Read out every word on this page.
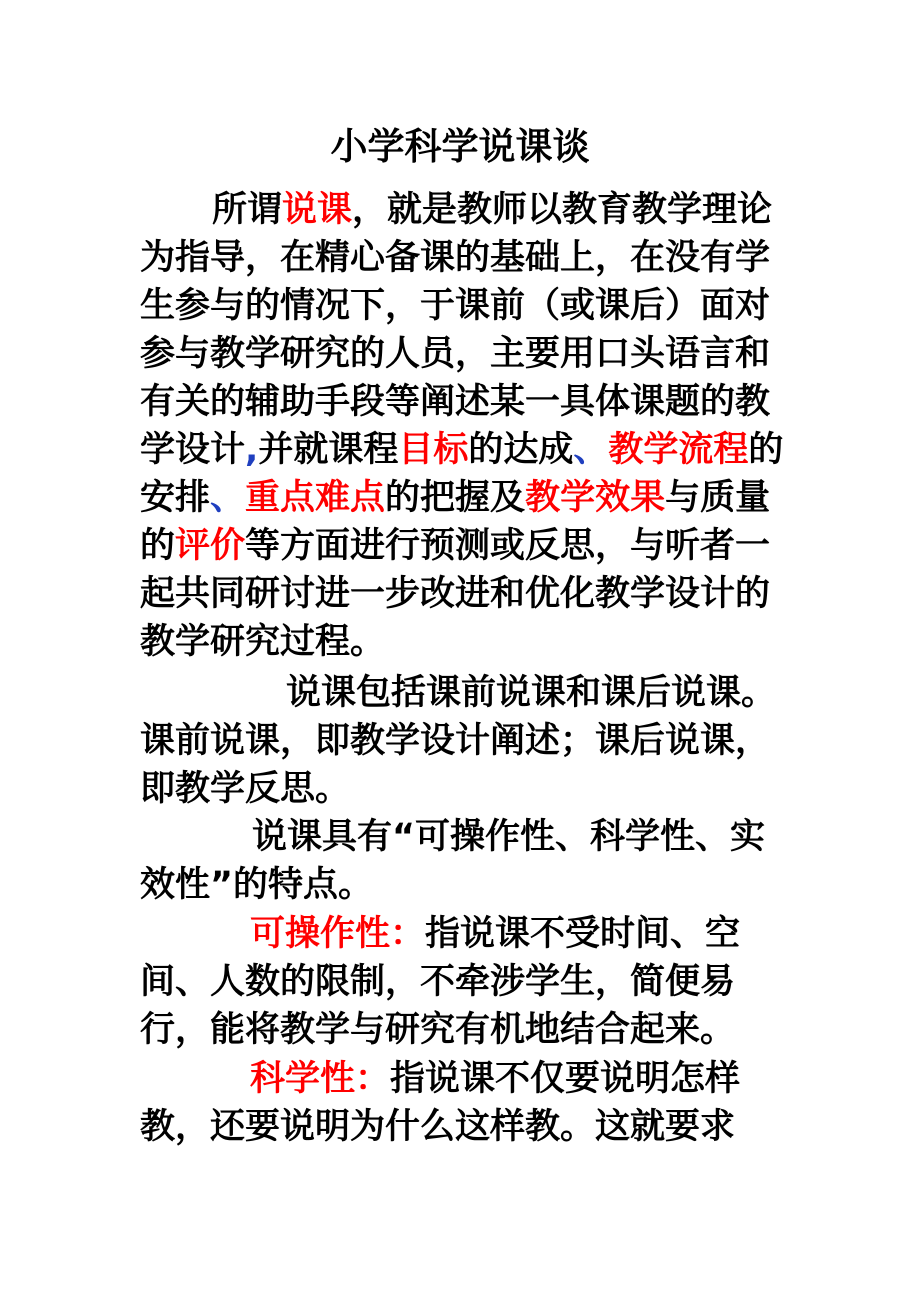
小学科学说课谈

所谓说课，就是教师以教育教学理论为指导，在精心备课的基础上，在没有学生参与的情况下，于课前（或课后）面对参与教学研究的人员，主要用口头语言和有关的辅助手段等阐述某一具体课题的教学设计,并就课程目标的达成、教学流程的安排、重点难点的把握及教学效果与质量的评价等方面进行预测或反思，与听者一起共同研讨进一步改进和优化教学设计的教学研究过程。

说课包括课前说课和课后说课。课前说课，即教学设计阐述；课后说课，即教学反思。

说课具有“可操作性、科学性、实效性”的特点。

可操作性：指说课不受时间、空间、人数的限制，不牵涉学生，简便易行，能将教学与研究有机地结合起来。

科学性：指说课不仅要说明怎样教，还要说明为什么这样教。这就要求
